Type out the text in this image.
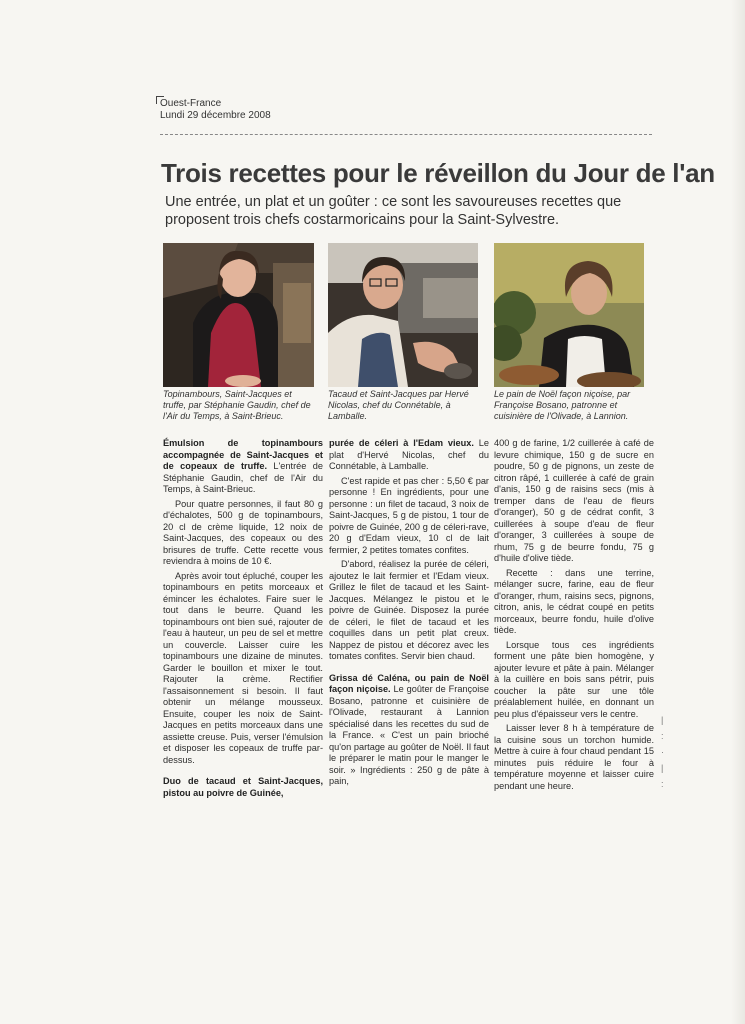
Ouest-France
Lundi 29 décembre 2008
Trois recettes pour le réveillon du Jour de l'an
Une entrée, un plat et un goûter : ce sont les savoureuses recettes que proposent trois chefs costarmoricains pour la Saint-Sylvestre.
Topinambours, Saint-Jacques et truffe, par Stéphanie Gaudin, chef de l'Air du Temps, à Saint-Brieuc.
Tacaud et Saint-Jacques par Hervé Nicolas, chef du Connétable, à Lamballe.
Le pain de Noël façon niçoise, par Françoise Bosano, patronne et cuisinière de l'Olivade, à Lannion.

Émulsion de topinambours accompagnée de Saint-Jacques et de copeaux de truffe. L'entrée de Stéphanie Gaudin, chef de l'Air du Temps, à Saint-Brieuc.

Pour quatre personnes, il faut 80 g d'échalotes, 500 g de topinambours, 20 cl de crème liquide, 12 noix de Saint-Jacques, des copeaux ou des brisures de truffe. Cette recette vous reviendra à moins de 10 €.

Après avoir tout épluché, couper les topinambours en petits morceaux et émincer les échalotes. Faire suer le tout dans le beurre. Quand les topinambours ont bien sué, rajouter de l'eau à hauteur, un peu de sel et mettre un couvercle. Laisser cuire les topinambours une dizaine de minutes. Garder le bouillon et mixer le tout. Rajouter la crème. Rectifier l'assaisonnement si besoin. Il faut obtenir un mélange mousseux. Ensuite, couper les noix de Saint-Jacques en petits morceaux dans une assiette creuse. Puis, verser l'émulsion et disposer les copeaux de truffe par-dessus.

Duo de tacaud et Saint-Jacques, pistou au poivre de Guinée,

purée de céleri à l'Edam vieux. Le plat d'Hervé Nicolas, chef du Connétable, à Lamballe.

C'est rapide et pas cher : 5,50 € par personne ! En ingrédients, pour une personne : un filet de tacaud, 3 noix de Saint-Jacques, 5 g de pistou, 1 tour de poivre de Guinée, 200 g de céleri-rave, 20 g d'Edam vieux, 10 cl de lait fermier, 2 petites tomates confites.

D'abord, réalisez la purée de céleri, ajoutez le lait fermier et l'Edam vieux. Grillez le filet de tacaud et les Saint-Jacques. Mélangez le pistou et le poivre de Guinée. Disposez la purée de céleri, le filet de tacaud et les coquilles dans un petit plat creux. Nappez de pistou et décorez avec les tomates confites. Servir bien chaud.

Grissa dé Caléna, ou pain de Noël façon niçoise. Le goûter de Françoise Bosano, patronne et cuisinière de l'Olivade, restaurant à Lannion spécialisé dans les recettes du sud de la France. « C'est un pain brioché qu'on partage au goûter de Noël. Il faut le préparer le matin pour le manger le soir. » Ingrédients : 250 g de pâte à pain,

400 g de farine, 1/2 cuillerée à café de levure chimique, 150 g de sucre en poudre, 50 g de pignons, un zeste de citron râpé, 1 cuillerée à café de grain d'anis, 150 g de raisins secs (mis à tremper dans de l'eau de fleurs d'oranger), 50 g de cédrat confit, 3 cuillerées à soupe d'eau de fleur d'oranger, 3 cuillerées à soupe de rhum, 75 g de beurre fondu, 75 g d'huile d'olive tiède.

Recette : dans une terrine, mélanger sucre, farine, eau de fleur d'oranger, rhum, raisins secs, pignons, citron, anis, le cédrat coupé en petits morceaux, beurre fondu, huile d'olive tiède.

Lorsque tous ces ingrédients forment une pâte bien homogène, y ajouter levure et pâte à pain. Mélanger à la cuillère en bois sans pétrir, puis coucher la pâte sur une tôle préalablement huilée, en donnant un peu plus d'épaisseur vers le centre.

Laisser lever 8 h à température de la cuisine sous un torchon humide. Mettre à cuire à four chaud pendant 15 minutes puis réduire le four à température moyenne et laisser cuire pendant une heure.

|
:
·
|
:
